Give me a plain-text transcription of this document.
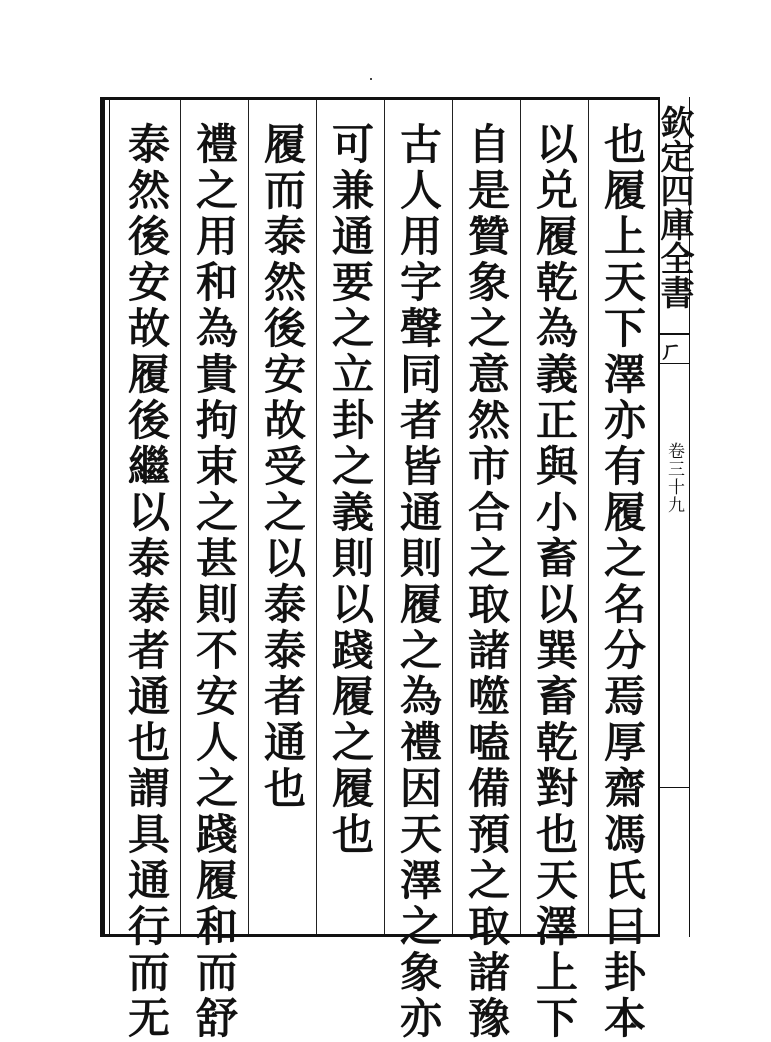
也履上天下澤亦有履之名分焉厚齋馮氏曰卦本
以兑履乾為義正與小畜以巽畜乾對也天澤上下
自是贊象之意然市合之取諸噬嗑備預之取諸豫
古人用字聲同者皆通則履之為禮因天澤之象亦
可兼通要之立卦之義則以踐履之履也
履而泰然後安故受之以泰泰者通也
禮之用和為貴拘束之甚則不安人之踐履和而舒
泰然後安故履後繼以泰泰者通也謂具通行而无	欽定四庫全書
ㄏ
卷三十九
